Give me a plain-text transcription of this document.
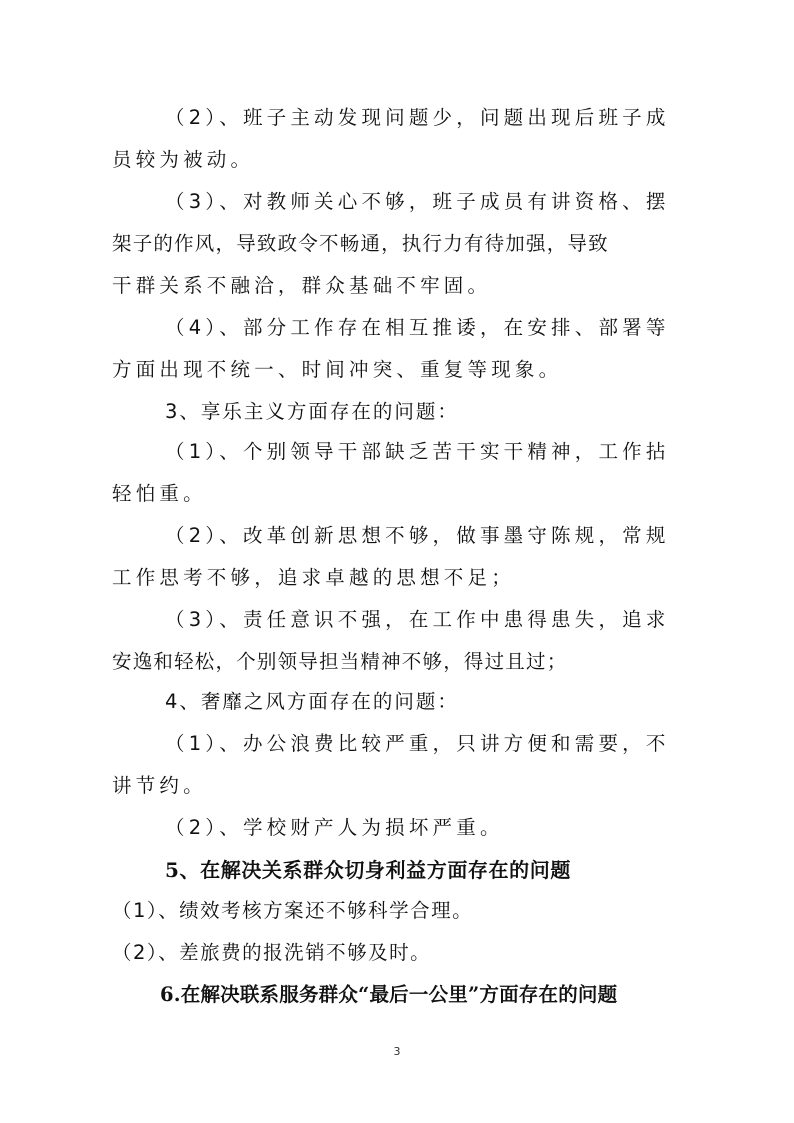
（2）、班子主动发现问题少，问题出现后班子成
员较为被动。
（3）、对教师关心不够，班子成员有讲资格、摆
架子的作风，导致政令不畅通，执行力有待加强，导致
干群关系不融洽，群众基础不牢固。
（4）、部分工作存在相互推诿，在安排、部署等
方面出现不统一、时间冲突、重复等现象。
3、享乐主义方面存在的问题：
（1）、个别领导干部缺乏苦干实干精神，工作拈
轻怕重。
（2）、改革创新思想不够，做事墨守陈规，常规
工作思考不够，追求卓越的思想不足；
（3）、责任意识不强，在工作中患得患失，追求
安逸和轻松，个别领导担当精神不够，得过且过；
4、奢靡之风方面存在的问题：
（1）、办公浪费比较严重，只讲方便和需要，不
讲节约。
（2）、学校财产人为损坏严重。
5、在解决关系群众切身利益方面存在的问题
（1）、绩效考核方案还不够科学合理。
（2）、差旅费的报洗销不够及时。
6.在解决联系服务群众“最后一公里”方面存在的问题
3
